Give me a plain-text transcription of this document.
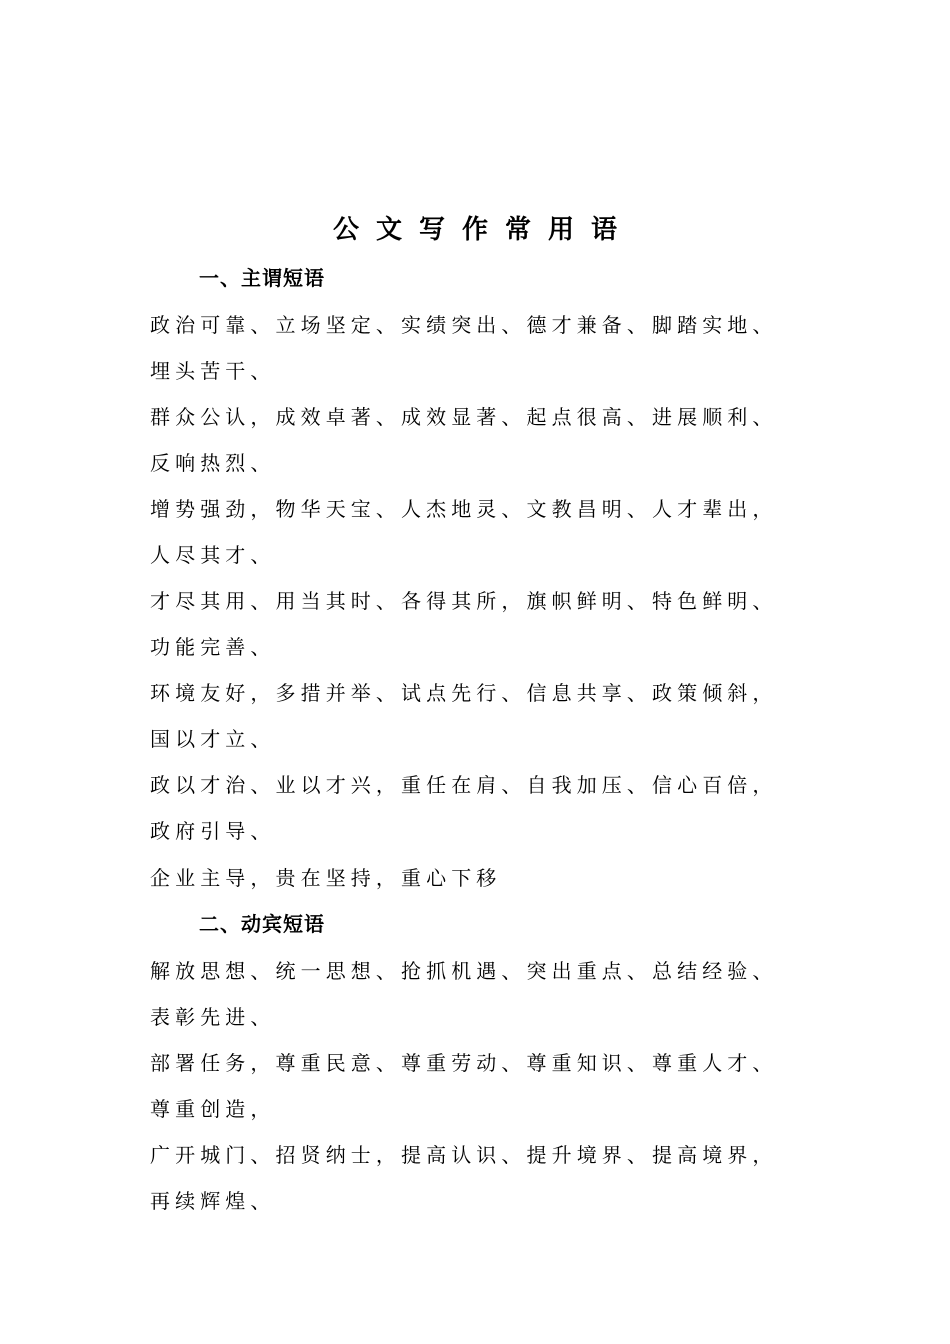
公文写作常用语
一、主谓短语

政治可靠、立场坚定、实绩突出、德才兼备、脚踏实地、埋头苦干、

群众公认，成效卓著、成效显著、起点很高、进展顺利、反响热烈、

增势强劲，物华天宝、人杰地灵、文教昌明、人才辈出，人尽其才、

才尽其用、用当其时、各得其所，旗帜鲜明、特色鲜明、功能完善、

环境友好，多措并举、试点先行、信息共享、政策倾斜，国以才立、

政以才治、业以才兴，重任在肩、自我加压、信心百倍，政府引导、

企业主导，贵在坚持，重心下移

二、动宾短语

解放思想、统一思想、抢抓机遇、突出重点、总结经验、表彰先进、

部署任务，尊重民意、尊重劳动、尊重知识、尊重人才、尊重创造，

广开城门、招贤纳士，提高认识、提升境界、提高境界，再续辉煌、
